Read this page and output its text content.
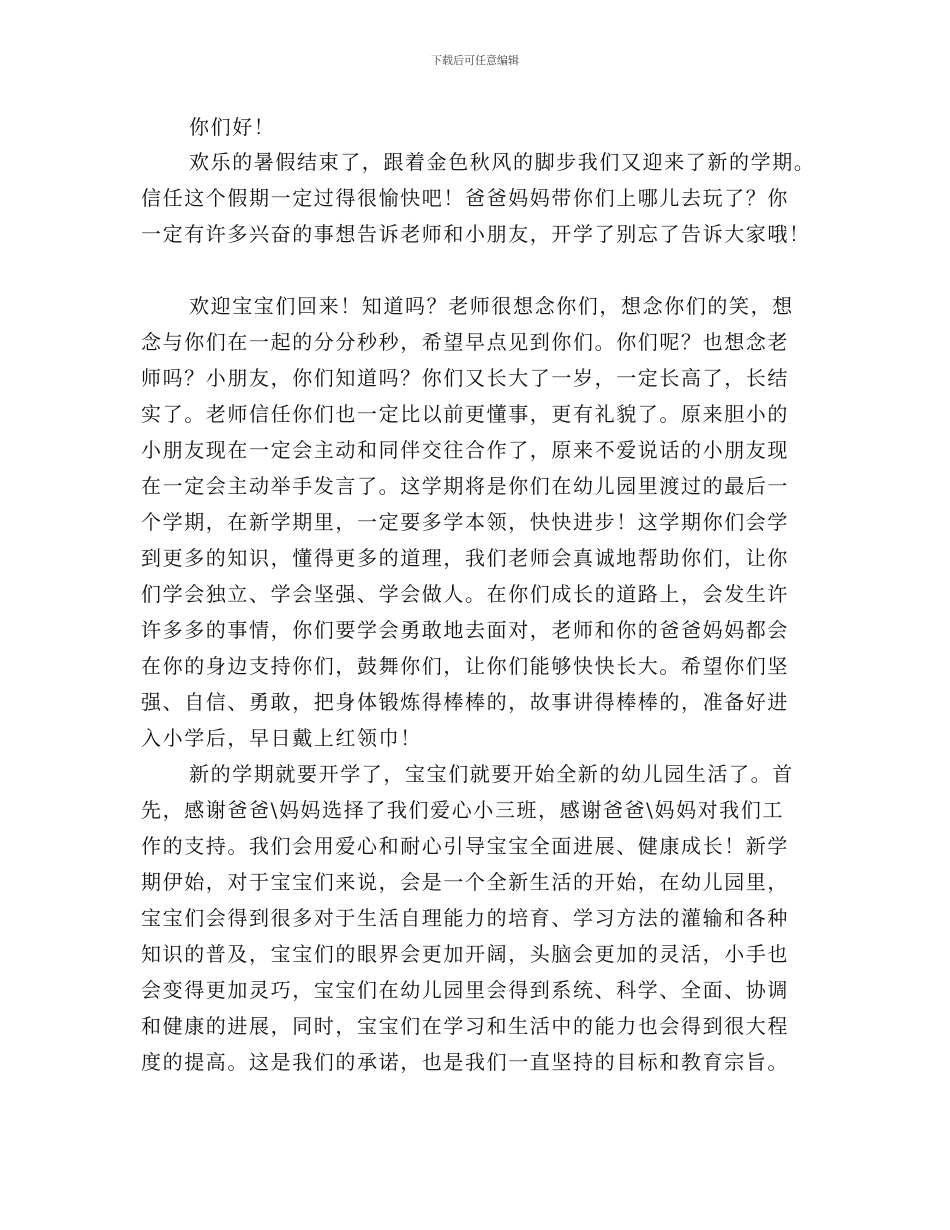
下载后可任意编辑
你们好！
欢乐的暑假结束了，跟着金色秋风的脚步我们又迎来了新的学期。
信任这个假期一定过得很愉快吧！爸爸妈妈带你们上哪儿去玩了？你
一定有许多兴奋的事想告诉老师和小朋友，开学了别忘了告诉大家哦！
欢迎宝宝们回来！知道吗？老师很想念你们，想念你们的笑，想
念与你们在一起的分分秒秒，希望早点见到你们。你们呢？也想念老
师吗？小朋友，你们知道吗？你们又长大了一岁，一定长高了，长结
实了。老师信任你们也一定比以前更懂事，更有礼貌了。原来胆小的
小朋友现在一定会主动和同伴交往合作了，原来不爱说话的小朋友现
在一定会主动举手发言了。这学期将是你们在幼儿园里渡过的最后一
个学期，在新学期里，一定要多学本领，快快进步！这学期你们会学
到更多的知识，懂得更多的道理，我们老师会真诚地帮助你们，让你
们学会独立、学会坚强、学会做人。在你们成长的道路上，会发生许
许多多的事情，你们要学会勇敢地去面对，老师和你的爸爸妈妈都会
在你的身边支持你们，鼓舞你们，让你们能够快快长大。希望你们坚
强、自信、勇敢，把身体锻炼得棒棒的，故事讲得棒棒的，准备好进
入小学后，早日戴上红领巾！
新的学期就要开学了，宝宝们就要开始全新的幼儿园生活了。首
先，感谢爸爸\妈妈选择了我们爱心小三班，感谢爸爸\妈妈对我们工
作的支持。我们会用爱心和耐心引导宝宝全面进展、健康成长！新学
期伊始，对于宝宝们来说，会是一个全新生活的开始，在幼儿园里，
宝宝们会得到很多对于生活自理能力的培育、学习方法的灌输和各种
知识的普及，宝宝们的眼界会更加开阔，头脑会更加的灵活，小手也
会变得更加灵巧，宝宝们在幼儿园里会得到系统、科学、全面、协调
和健康的进展，同时，宝宝们在学习和生活中的能力也会得到很大程
度的提高。这是我们的承诺，也是我们一直坚持的目标和教育宗旨。
